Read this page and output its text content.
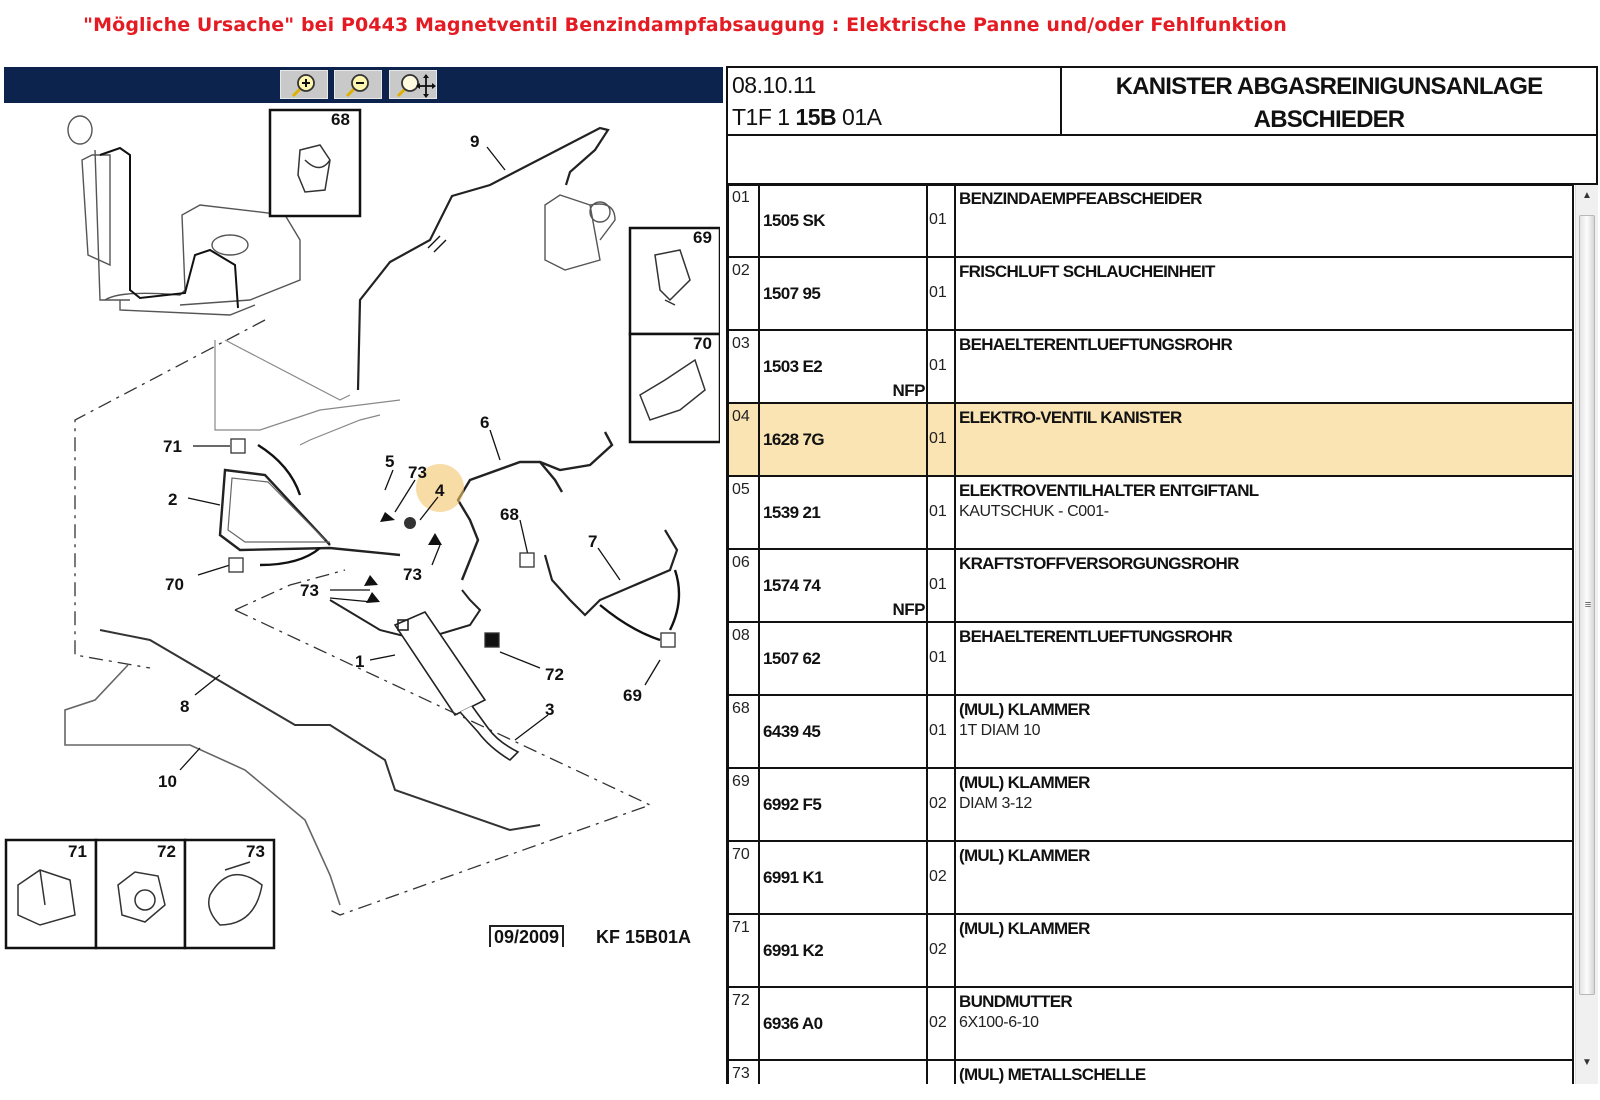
"Mögliche Ursache" bei P0443 Magnetventil Benzindampfabsaugung : Elektrische Panne und/oder Fehlfunktion
9
71
2
70
5
73
4
73
73
6
68
7
1
72
69
3
8
10
68
69
70
71	72	73
09/2009 KF 15B01A
08.10.11
T1F 1 15B 01A
KANISTER ABGASREINIGUNSANLAGE
ABSCHIEDER
01
1505 SK	01
BENZINDAEMPFEABSCHEIDER
02
1507 95	01
FRISCHLUFT SCHLAUCHEINHEIT
03
1503 E2
NFP
01
BEHAELTERENTLUEFTUNGSROHR
04
1628 7G	01
ELEKTRO-VENTIL KANISTER
05
1539 21	01
ELEKTROVENTILHALTER ENTGIFTANL
KAUTSCHUK - C001-
06
1574 74
NFP
01
KRAFTSTOFFVERSORGUNGSROHR
08
1507 62	01
BEHAELTERENTLUEFTUNGSROHR
68
6439 45	01
(MUL) KLAMMER
1T DIAM 10
69
6992 F5	02
(MUL) KLAMMER
DIAM 3-12
70
6991 K1	02
(MUL) KLAMMER
71
6991 K2	02
(MUL) KLAMMER
72
6936 A0	02
BUNDMUTTER
6X100-6-10
73	(MUL) METALLSCHELLE
▲
≡
▼
